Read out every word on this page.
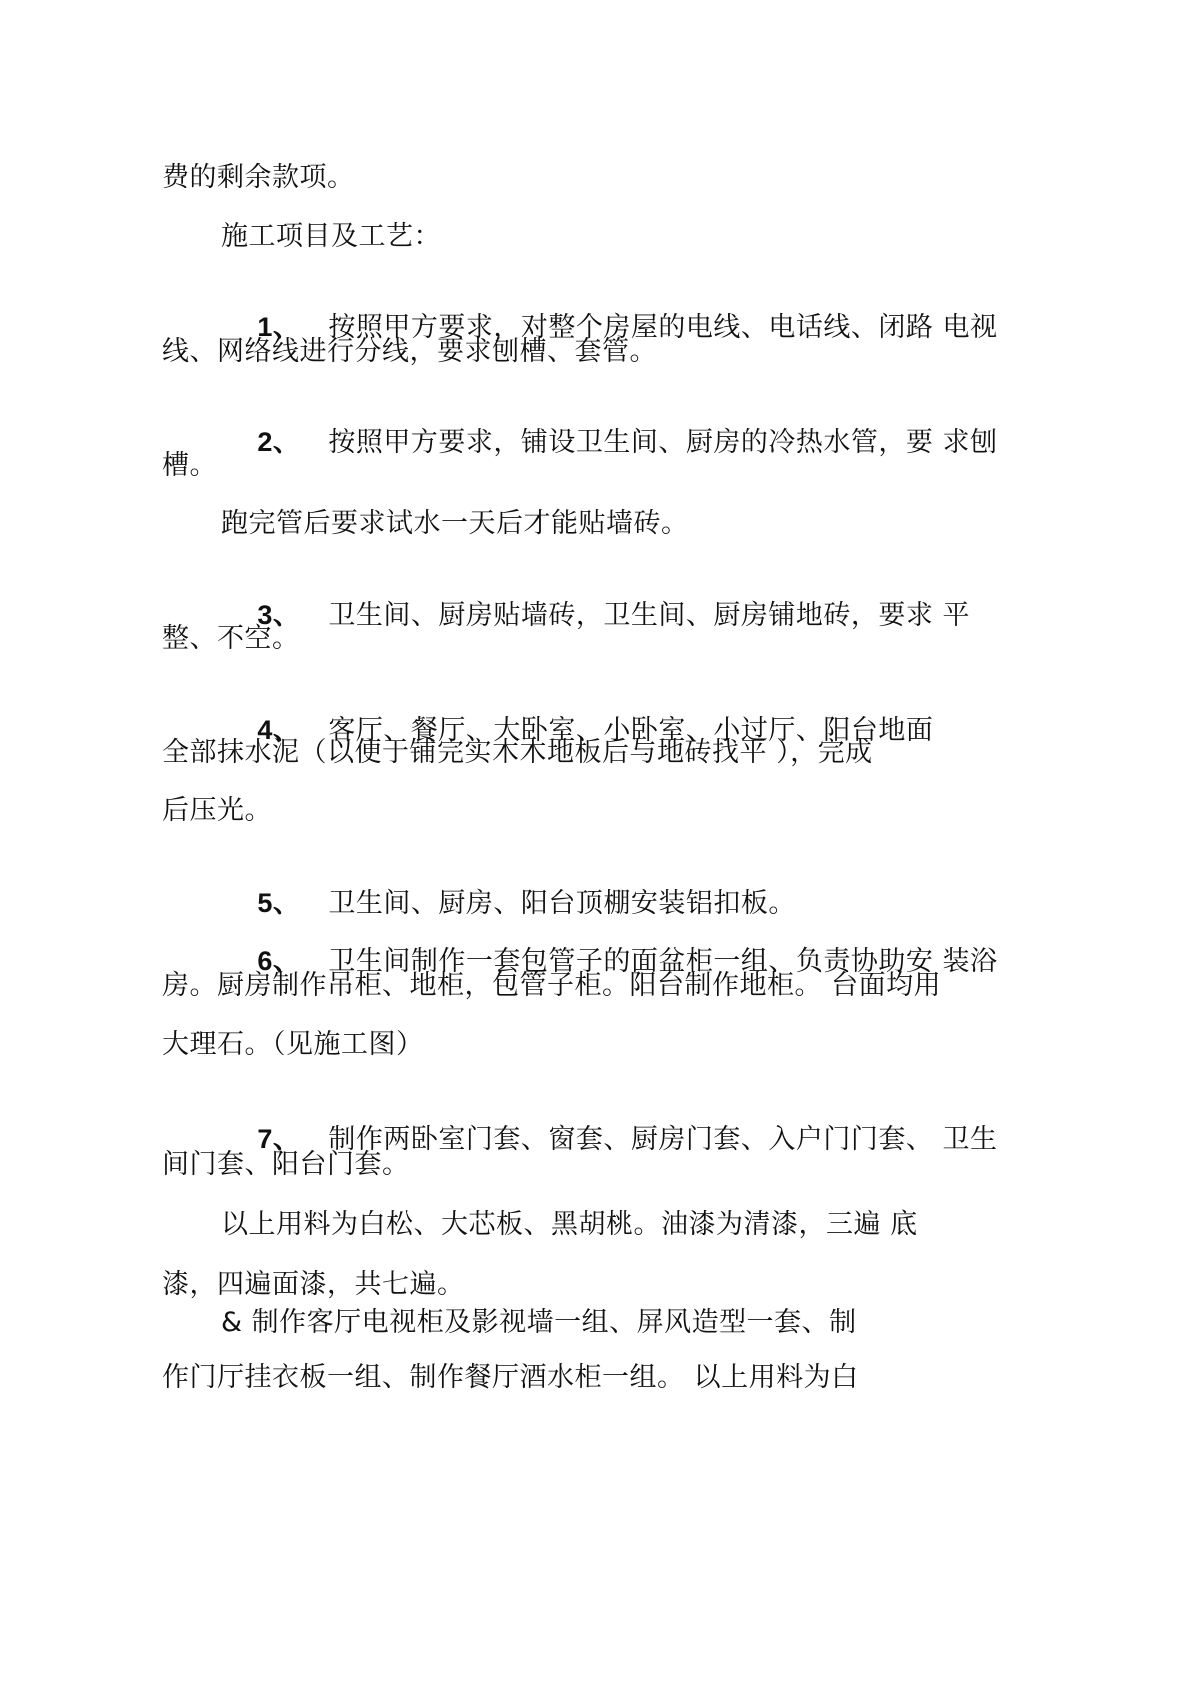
费的剩余款项。
施工项目及工艺：

1、 按照甲方要求，对整个房屋的电线、电话线、闭路 电视

线、网络线进行分线，要求刨槽、套管。

2、 按照甲方要求，铺设卫生间、厨房的冷热水管，要 求刨

槽。
跑完管后要求试水一天后才能贴墙砖。

3、 卫生间、厨房贴墙砖，卫生间、厨房铺地砖，要求 平

整、不空。

4、 客厅、餐厅、大卧室、小卧室、小过厅、阳台地面

全部抹水泥（以便于铺完实木木地板后与地砖找平 ），完成
后压光。

5、 卫生间、厨房、阳台顶棚安装铝扣板。

6、 卫生间制作一套包管子的面盆柜一组、负责协助安 装浴

房。厨房制作吊柜、地柜，包管子柜。阳台制作地柜。 台面均用
大理石。（见施工图）

7、 制作两卧室门套、窗套、厨房门套、入户门门套、 卫生

间门套、阳台门套。
以上用料为白松、大芯板、黑胡桃。油漆为清漆，三遍 底
漆，四遍面漆，共七遍。
& 制作客厅电视柜及影视墙一组、屏风造型一套、制
作门厅挂衣板一组、制作餐厅酒水柜一组。 以上用料为白
